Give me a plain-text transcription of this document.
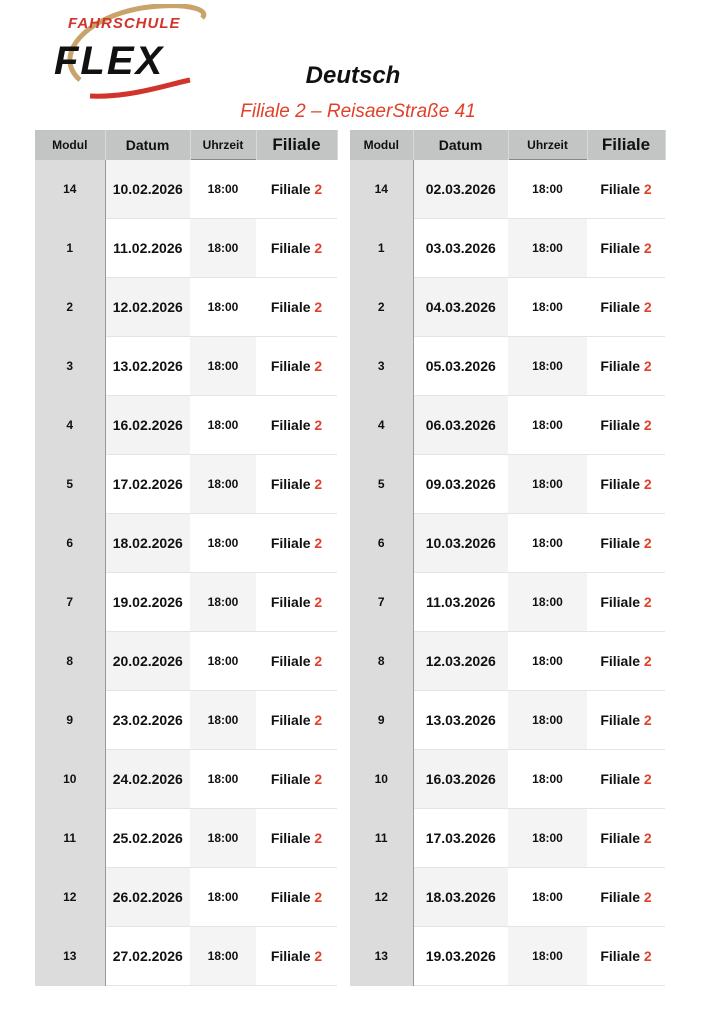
FAHRSCHULE
FLEX	Deutsch
Filiale 2 – ReisaerStraße 41
Modul	Datum	Uhrzeit	Filiale
14	10.02.2026	18:00	Filiale 2
1	11.02.2026	18:00	Filiale 2
2	12.02.2026	18:00	Filiale 2
3	13.02.2026	18:00	Filiale 2
4	16.02.2026	18:00	Filiale 2
5	17.02.2026	18:00	Filiale 2
6	18.02.2026	18:00	Filiale 2
7	19.02.2026	18:00	Filiale 2
8	20.02.2026	18:00	Filiale 2
9	23.02.2026	18:00	Filiale 2
10	24.02.2026	18:00	Filiale 2
11	25.02.2026	18:00	Filiale 2
12	26.02.2026	18:00	Filiale 2
13	27.02.2026	18:00	Filiale 2
Modul	Datum	Uhrzeit	Filiale
14	02.03.2026	18:00	Filiale 2
1	03.03.2026	18:00	Filiale 2
2	04.03.2026	18:00	Filiale 2
3	05.03.2026	18:00	Filiale 2
4	06.03.2026	18:00	Filiale 2
5	09.03.2026	18:00	Filiale 2
6	10.03.2026	18:00	Filiale 2
7	11.03.2026	18:00	Filiale 2
8	12.03.2026	18:00	Filiale 2
9	13.03.2026	18:00	Filiale 2
10	16.03.2026	18:00	Filiale 2
11	17.03.2026	18:00	Filiale 2
12	18.03.2026	18:00	Filiale 2
13	19.03.2026	18:00	Filiale 2
